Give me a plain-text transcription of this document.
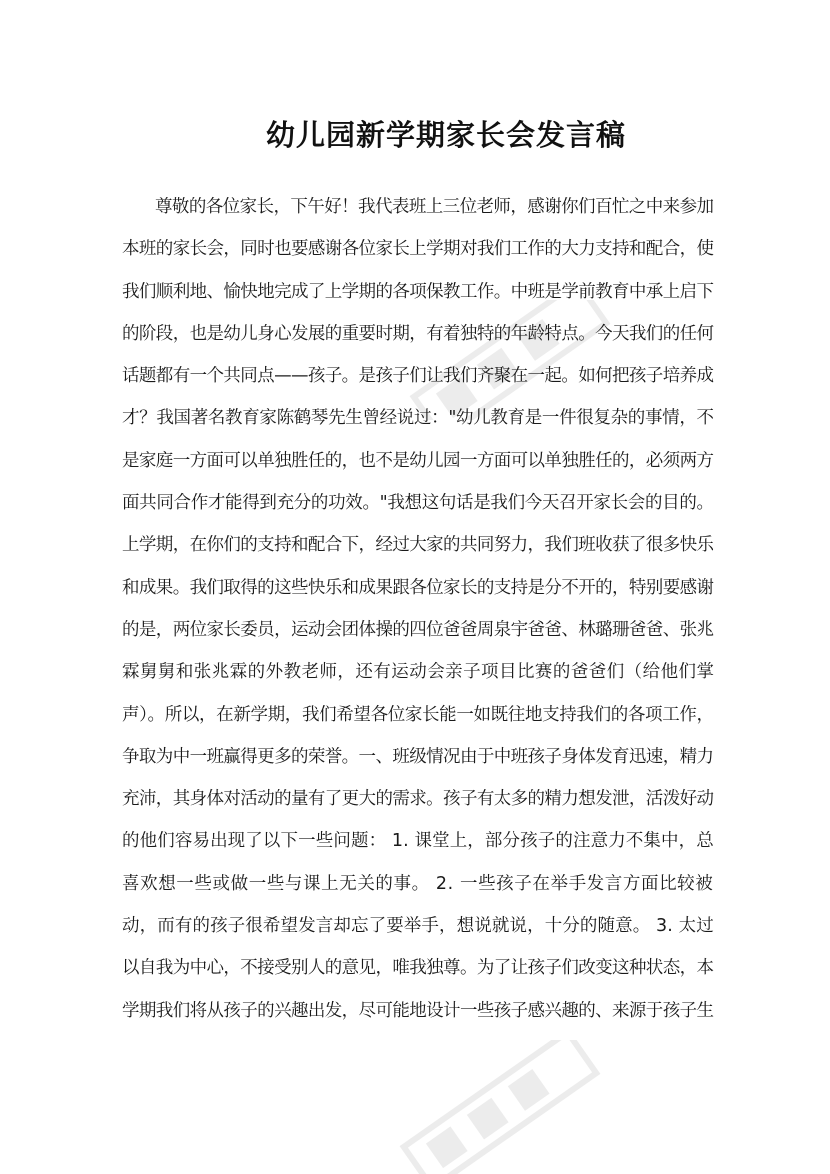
幼儿园新学期家长会发言稿
尊敬的各位家长，下午好！我代表班上三位老师，感谢你们百忙之中来参加
本班的家长会，同时也要感谢各位家长上学期对我们工作的大力支持和配合，使
我们顺利地、愉快地完成了上学期的各项保教工作。中班是学前教育中承上启下
的阶段，也是幼儿身心发展的重要时期，有着独特的年龄特点。今天我们的任何
话题都有一个共同点——孩子。是孩子们让我们齐聚在一起。如何把孩子培养成
才？我国著名教育家陈鹤琴先生曾经说过："幼儿教育是一件很复杂的事情，不
是家庭一方面可以单独胜任的，也不是幼儿园一方面可以单独胜任的，必须两方
面共同合作才能得到充分的功效。"我想这句话是我们今天召开家长会的目的。
上学期，在你们的支持和配合下，经过大家的共同努力，我们班收获了很多快乐
和成果。我们取得的这些快乐和成果跟各位家长的支持是分不开的，特别要感谢
的是，两位家长委员，运动会团体操的四位爸爸周泉宇爸爸、林璐珊爸爸、张兆
霖舅舅和张兆霖的外教老师，还有运动会亲子项目比赛的爸爸们（给他们掌
声）。所以，在新学期，我们希望各位家长能一如既往地支持我们的各项工作，
争取为中一班赢得更多的荣誉。一、班级情况由于中班孩子身体发育迅速，精力
充沛，其身体对活动的量有了更大的需求。孩子有太多的精力想发泄，活泼好动
的他们容易出现了以下一些问题： 1. 课堂上，部分孩子的注意力不集中，总
喜欢想一些或做一些与课上无关的事。 2. 一些孩子在举手发言方面比较被
动，而有的孩子很希望发言却忘了要举手，想说就说，十分的随意。 3. 太过
以自我为中心，不接受别人的意见，唯我独尊。为了让孩子们改变这种状态，本
学期我们将从孩子的兴趣出发，尽可能地设计一些孩子感兴趣的、来源于孩子生
